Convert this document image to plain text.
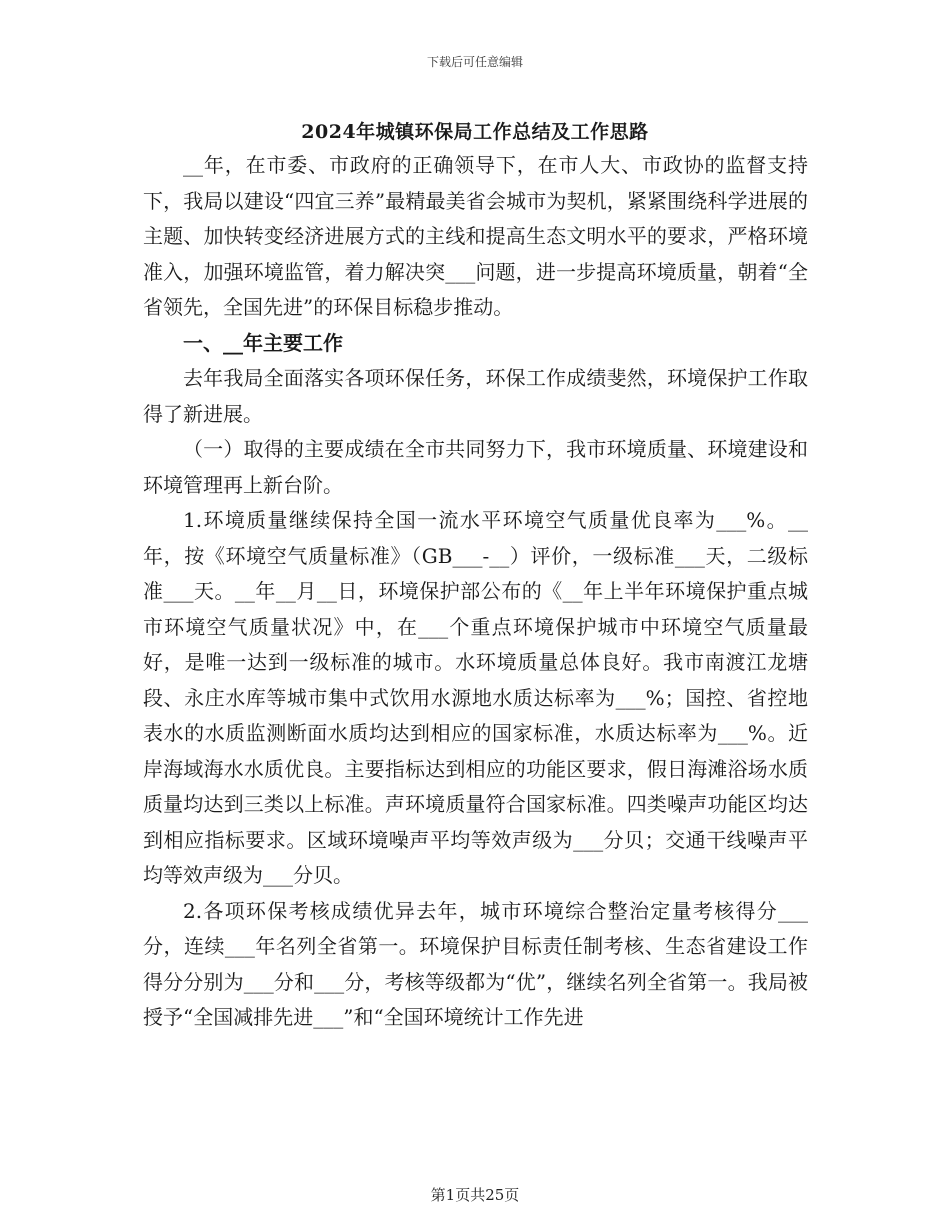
下载后可任意编辑
2024年城镇环保局工作总结及工作思路

__年，在市委、市政府的正确领导下，在市人大、市政协的监督支持下，我局以建设“四宜三养”最精最美省会城市为契机，紧紧围绕科学进展的主题、加快转变经济进展方式的主线和提高生态文明水平的要求，严格环境准入，加强环境监管，着力解决突___问题，进一步提高环境质量，朝着“全省领先，全国先进”的环保目标稳步推动。

一、__年主要工作

去年我局全面落实各项环保任务，环保工作成绩斐然，环境保护工作取得了新进展。

（一）取得的主要成绩在全市共同努力下，我市环境质量、环境建设和环境管理再上新台阶。

1.环境质量继续保持全国一流水平环境空气质量优良率为___%。__年，按《环境空气质量标准》（GB___-__）评价，一级标准___天，二级标准___天。__年__月__日，环境保护部公布的《__年上半年环境保护重点城市环境空气质量状况》中，在___个重点环境保护城市中环境空气质量最好，是唯一达到一级标准的城市。水环境质量总体良好。我市南渡江龙塘段、永庄水库等城市集中式饮用水源地水质达标率为___%；国控、省控地表水的水质监测断面水质均达到相应的国家标准，水质达标率为___%。近岸海域海水水质优良。主要指标达到相应的功能区要求，假日海滩浴场水质质量均达到三类以上标准。声环境质量符合国家标准。四类噪声功能区均达到相应指标要求。区域环境噪声平均等效声级为___分贝；交通干线噪声平均等效声级为___分贝。

2.各项环保考核成绩优异去年，城市环境综合整治定量考核得分___分，连续___年名列全省第一。环境保护目标责任制考核、生态省建设工作得分分别为___分和___分，考核等级都为“优”，继续名列全省第一。我局被授予“全国减排先进___”和“全国环境统计工作先进

第1页共25页
